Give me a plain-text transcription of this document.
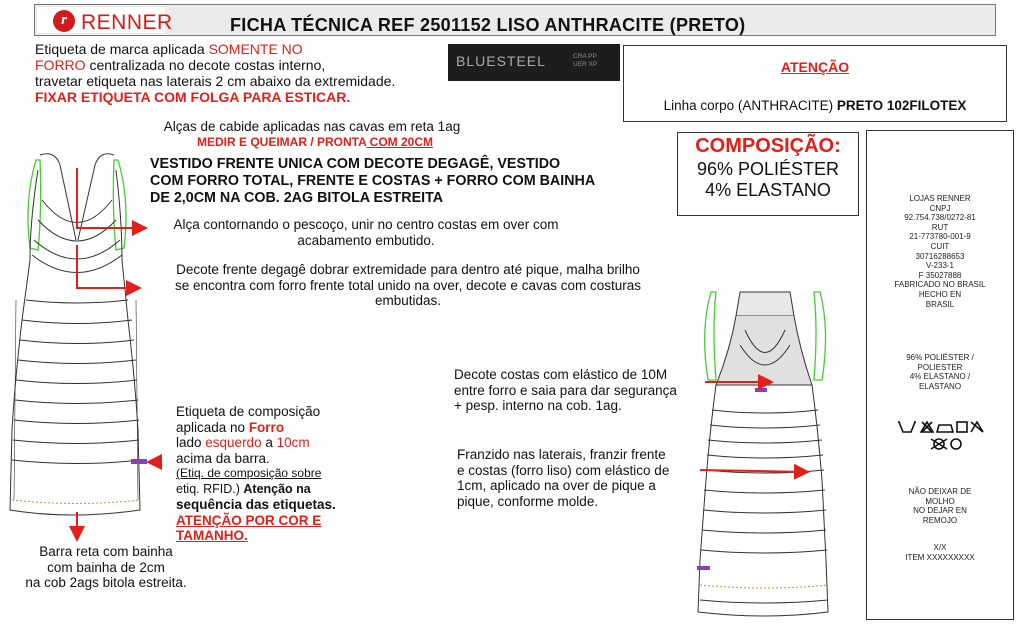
r RENNER	FICHA TÉCNICA REF 2501152 LISO ANTHRACITE (PRETO)
Etiqueta de marca aplicada SOMENTE NO
FORRO centralizada no decote costas interno,
travetar etiqueta nas laterais 2 cm abaixo da extremidade.
FIXAR ETIQUETA COM FOLGA PARA ESTICAR.
BLUESTEEL	CRA PP
UER XP	ATENÇÃO
Linha corpo (ANTHRACITE) PRETO 102FILOTEX
COMPOSIÇÃO:
96% POLIÉSTER
4% ELASTANO	LOJAS RENNER
CNPJ
92.754.738/0272-81
RUT
21-773780-001-9
CUIT
30716288653
V-233-1
F 35027888
FABRICADO NO BRASIL
HECHO EN
BRASIL
96% POLIÉSTER /
POLIESTER
4% ELASTANO /
ELASTANO
NÃO DEIXAR DE
MOLHO
NO DEJAR EN
REMOJO
X/X
ITEM XXXXXXXXX
Alças de cabide aplicadas nas cavas em reta 1ag
MEDIR E QUEIMAR / PRONTA COM 20CM
VESTIDO FRENTE UNICA COM DECOTE DEGAGÊ, VESTIDO
COM FORRO TOTAL, FRENTE E COSTAS + FORRO COM BAINHA
DE 2,0CM NA COB. 2AG BITOLA ESTREITA
Alça contornando o pescoço, unir no centro costas em over com
acabamento embutido.
Decote frente degagê dobrar extremidade para dentro até pique, malha brilho
se encontra com forro frente total unido na over, decote e cavas com costuras
embutidas.
Etiqueta de composição
aplicada no Forro
lado esquerdo a 10cm
acima da barra.
(Etiq. de composição sobre
etiq. RFID.) Atenção na
sequência das etiquetas.
ATENÇÃO POR COR E
TAMANHO.
Barra reta com bainha
com bainha de 2cm
na cob 2ags bitola estreita.
Decote costas com elástico de 10M
entre forro e saia para dar segurança
+ pesp. interno na cob. 1ag.
Franzido nas laterais, franzir frente
e costas (forro liso) com elástico de
1cm, aplicado na over de pique a
pique, conforme molde.
